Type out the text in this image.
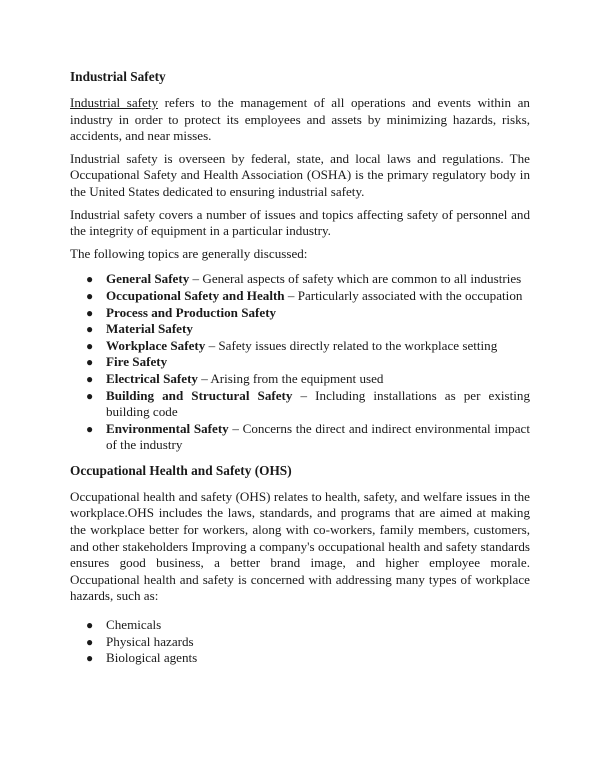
Industrial Safety

Industrial safety refers to the management of all operations and events within an industry in order to protect its employees and assets by minimizing hazards, risks, accidents, and near misses.

Industrial safety is overseen by federal, state, and local laws and regulations. The Occupational Safety and Health Association (OSHA) is the primary regulatory body in the United States dedicated to ensuring industrial safety.

Industrial safety covers a number of issues and topics affecting safety of personnel and the integrity of equipment in a particular industry.

The following topics are generally discussed:

● General Safety – General aspects of safety which are common to all industries
● Occupational Safety and Health – Particularly associated with the occupation
● Process and Production Safety
● Material Safety
● Workplace Safety – Safety issues directly related to the workplace setting
● Fire Safety
● Electrical Safety – Arising from the equipment used
● Building and Structural Safety – Including installations as per existing building code
● Environmental Safety – Concerns the direct and indirect environmental impact of the industry
Occupational Health and Safety (OHS)

Occupational health and safety (OHS) relates to health, safety, and welfare issues in the workplace.OHS includes the laws, standards, and programs that are aimed at making the workplace better for workers, along with co-workers, family members, customers, and other stakeholders Improving a company's occupational health and safety standards ensures good business, a better brand image, and higher employee morale. Occupational health and safety is concerned with addressing many types of workplace hazards, such as:

● Chemicals
● Physical hazards
● Biological agents
